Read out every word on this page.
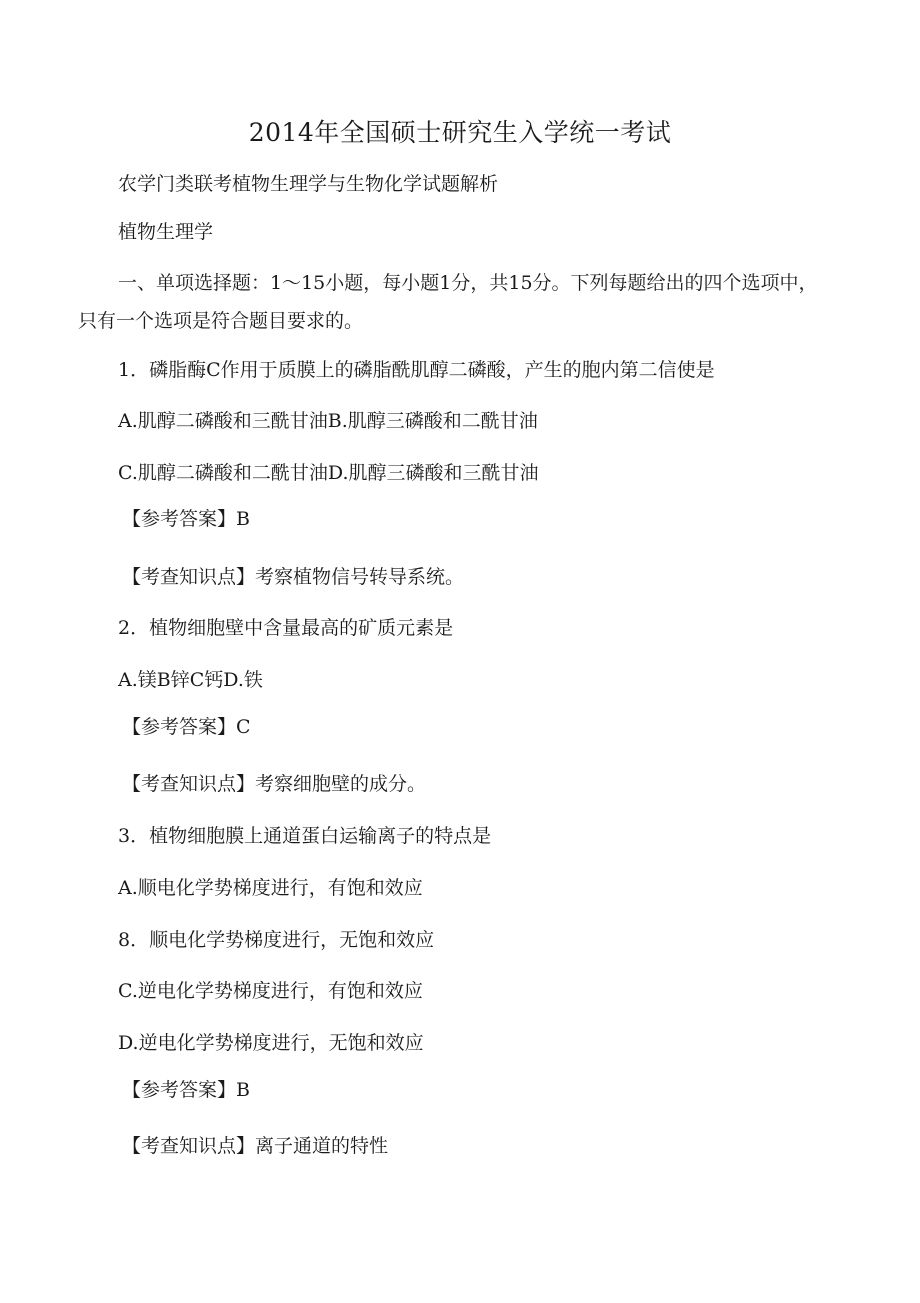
2014年全国硕士研究生入学统一考试
农学门类联考植物生理学与生物化学试题解析
植物生理学
一、单项选择题：1～15小题，每小题1分，共15分。下列每题给出的四个选项中，只有一个选项是符合题目要求的。
1．磷脂酶C作用于质膜上的磷脂酰肌醇二磷酸，产生的胞内第二信使是
A.肌醇二磷酸和三酰甘油B.肌醇三磷酸和二酰甘油
C.肌醇二磷酸和二酰甘油D.肌醇三磷酸和三酰甘油
【参考答案】B
【考查知识点】考察植物信号转导系统。
2．植物细胞壁中含量最高的矿质元素是
A.镁B锌C钙D.铁
【参考答案】C
【考查知识点】考察细胞壁的成分。
3．植物细胞膜上通道蛋白运输离子的特点是
A.顺电化学势梯度进行，有饱和效应
8．顺电化学势梯度进行，无饱和效应
C.逆电化学势梯度进行，有饱和效应
D.逆电化学势梯度进行，无饱和效应
【参考答案】B
【考查知识点】离子通道的特性
